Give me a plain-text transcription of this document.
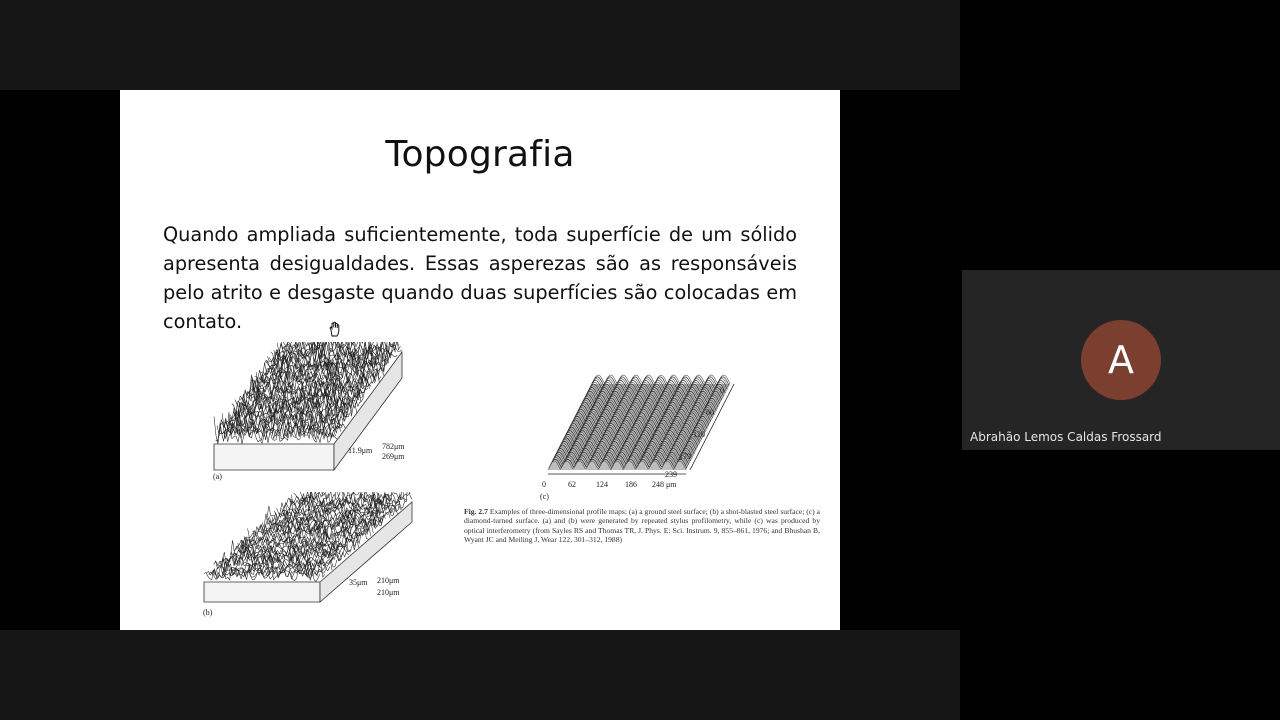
Topografia
Quando ampliada suficientemente, toda superfície de um sólido apresenta desigualdades. Essas asperezas são as responsáveis pelo atrito e desgaste quando duas superfícies são colocadas em contato.
(a)
11.9μm 782μm
269μm
(b)
35μm 210μm
210μm
(c)
0	62	124 186 248 μm
0
60
120
179
239
Fig. 2.7 Examples of three-dimensional profile maps: (a) a ground steel surface; (b) a shot-blasted steel surface; (c) a diamond-turned surface. (a) and (b) were generated by repeated stylus profilometry, while (c) was produced by optical interferometry (from Sayles RS and Thomas TR, J. Phys. E: Sci. Instrum. 9, 855–861, 1976; and Bhushan B, Wyant JC and Meiling J, Wear 122, 301–312, 1988)
A
Abrahão Lemos Caldas Frossard
